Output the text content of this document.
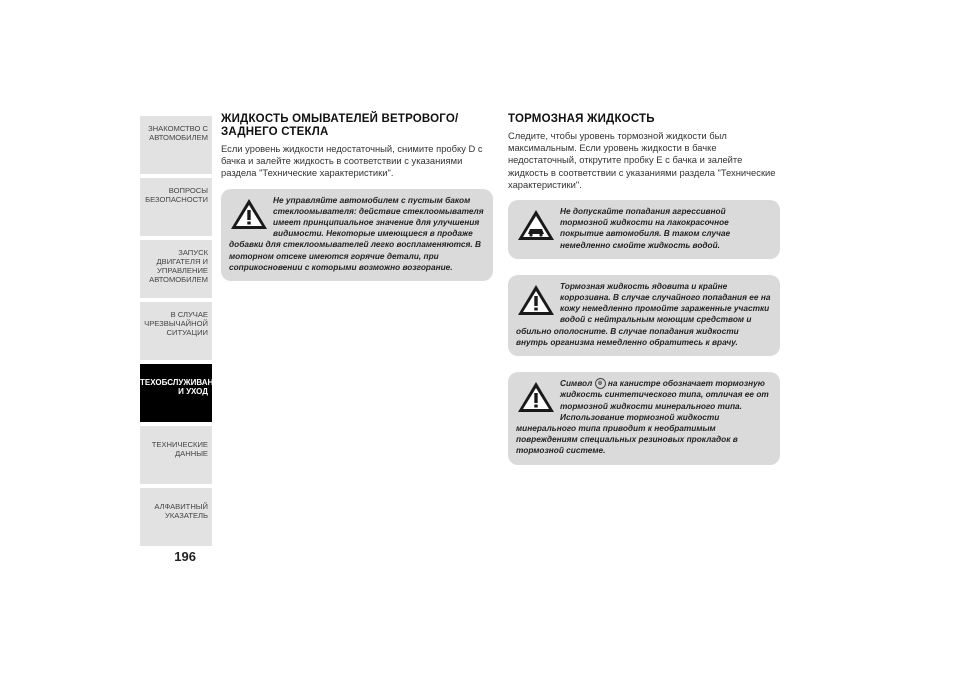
ЗНАКОМСТВО С
АВТОМОБИЛЕМ
ВОПРОСЫ
БЕЗОПАСНОСТИ
ЗАПУСК ДВИГАТЕЛЯ И
УПРАВЛЕНИЕ
АВТОМОБИЛЕМ
В СЛУЧАЕ
ЧРЕЗВЫЧАЙНОЙ
СИТУАЦИИ
ТЕХОБСЛУЖИВАНИЕ
И УХОД
ТЕХНИЧЕСКИЕ
ДАННЫЕ
АЛФАВИТНЫЙ
УКАЗАТЕЛЬ
196
ЖИДКОСТЬ ОМЫВАТЕЛЕЙ ВЕТРОВОГО/ЗАДНЕГО СТЕКЛА

Если уровень жидкости недостаточный, снимите пробку D с бачка и залейте жидкость в соответствии с указаниями раздела "Технические характеристики".

Не управляйте автомобилем с пустым баком стеклоомывателя: действие стеклоомывателя имеет принципиальное значение для улучшения видимости. Некоторые имеющиеся в продаже добавки для стеклоомывателей легко воспламеняются. В моторном отсеке имеются горячие детали, при соприкосновении с которыми возможно возгорание.
ТОРМОЗНАЯ ЖИДКОСТЬ

Следите, чтобы уровень тормозной жидкости был максимальным. Если уровень жидкости в бачке недостаточный, открутите пробку E с бачка и залейте жидкость в соответствии с указаниями раздела "Технические характеристики".

Не допускайте попадания агрессивной тормозной жидкости на лакокрасочное покрытие автомобиля. В таком случае немедленно смойте жидкость водой.
Тормозная жидкость ядовита и крайне коррозивна. В случае случайного попадания ее на кожу немедленно промойте зараженные участки водой с нейтральным моющим средством и обильно ополосните. В случае попадания жидкости внутрь организма немедленно обратитесь к врачу.
Символ ◎ на канистре обозначает тормозную жидкость синтетического типа, отличая ее от тормозной жидкости минерального типа. Использование тормозной жидкости минерального типа приводит к необратимым повреждениям специальных резиновых прокладок в тормозной системе.
